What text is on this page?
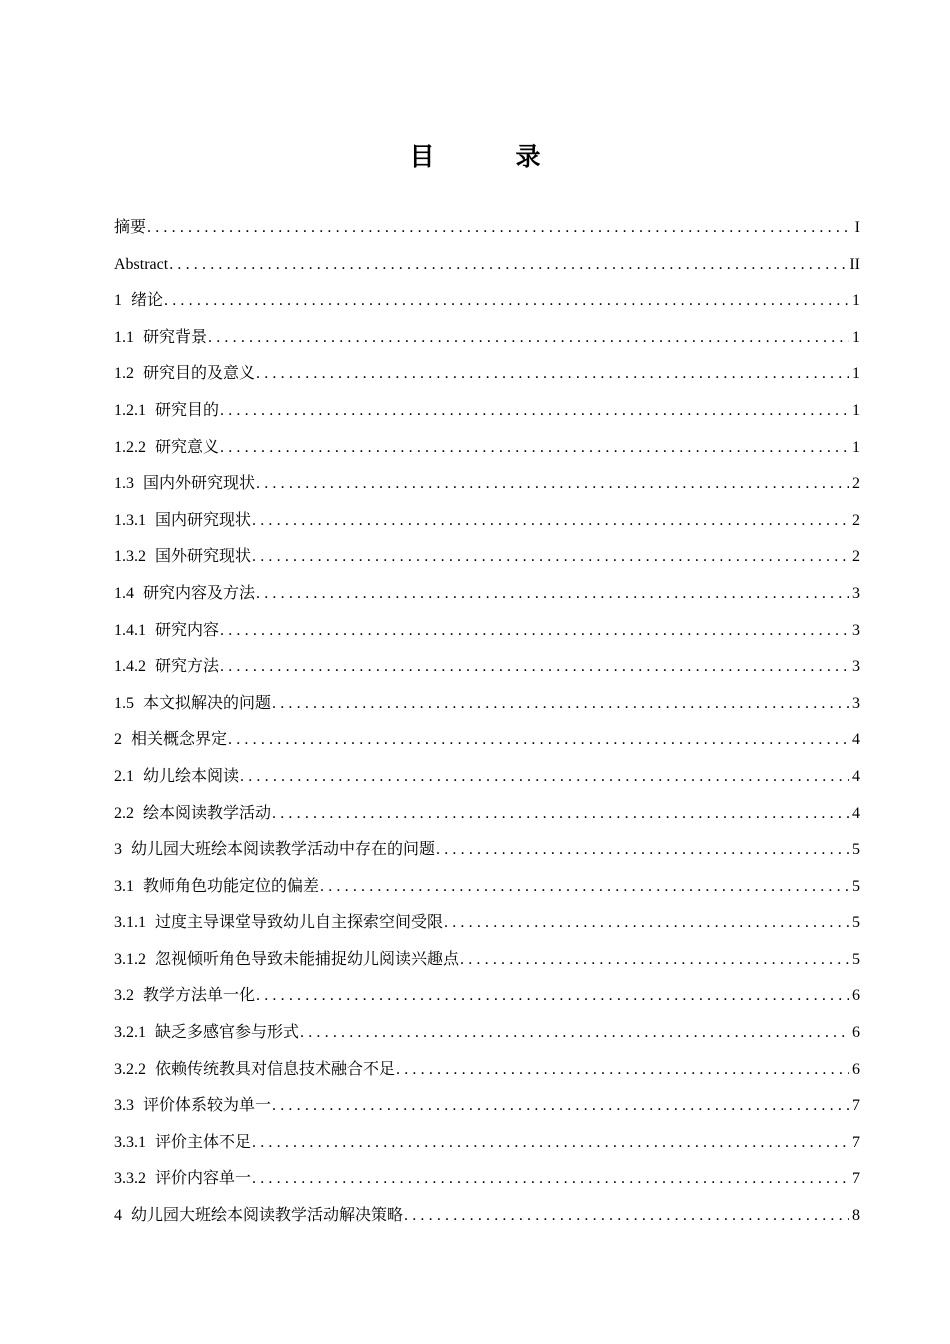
目　录
摘要 .....	I
Abstract .....	II
1 绪论 .....	1
1.1 研究背景 .....	1
1.2 研究目的及意义 .....	1
1.2.1 研究目的 .....	1
1.2.2 研究意义 .....	1
1.3 国内外研究现状 .....	2
1.3.1 国内研究现状 .....	2
1.3.2 国外研究现状 .....	2
1.4 研究内容及方法 .....	3
1.4.1 研究内容 .....	3
1.4.2 研究方法 .....	3
1.5 本文拟解决的问题 .....	3
2 相关概念界定 .....	4
2.1 幼儿绘本阅读 .....	4
2.2 绘本阅读教学活动 .....	4
3 幼儿园大班绘本阅读教学活动中存在的问题 .....	5
3.1 教师角色功能定位的偏差 .....	5
3.1.1 过度主导课堂导致幼儿自主探索空间受限 .....	5
3.1.2 忽视倾听角色导致未能捕捉幼儿阅读兴趣点 .....	5
3.2 教学方法单一化 .....	6
3.2.1 缺乏多感官参与形式 .....	6
3.2.2 依赖传统教具对信息技术融合不足 .....	6
3.3 评价体系较为单一 .....	7
3.3.1 评价主体不足 .....	7
3.3.2 评价内容单一 .....	7
4 幼儿园大班绘本阅读教学活动解决策略 .....	8
